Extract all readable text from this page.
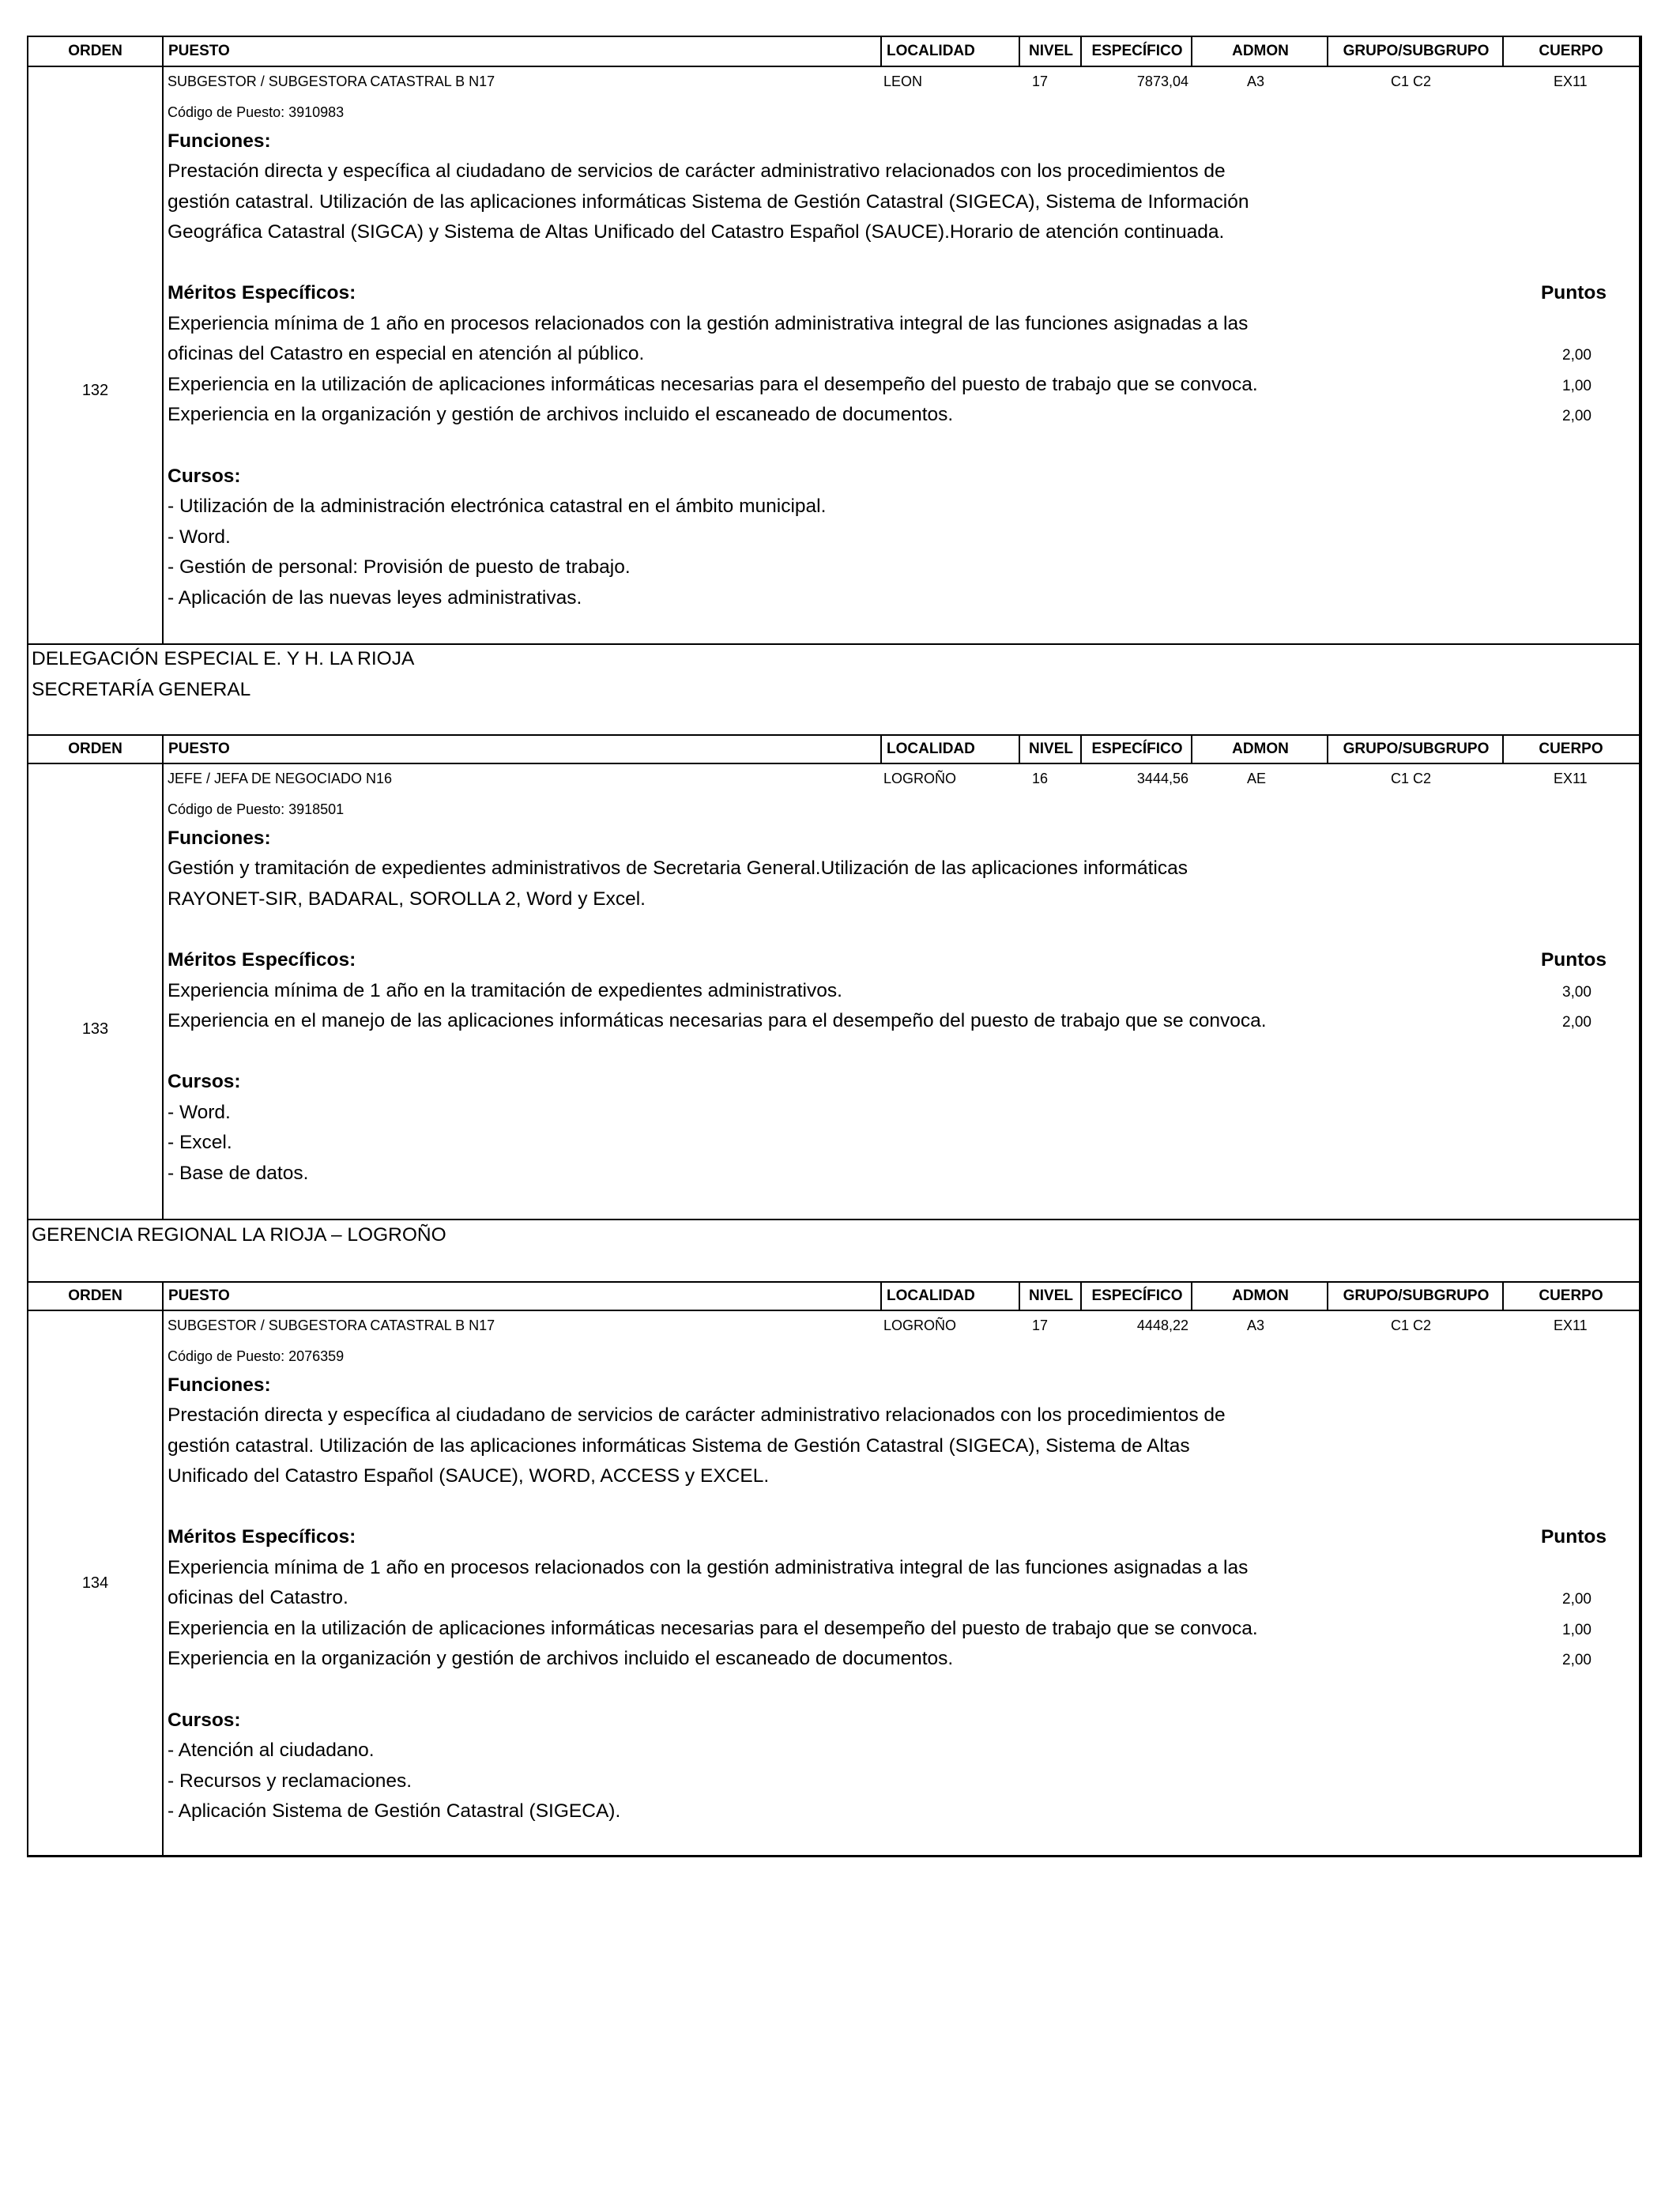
ORDEN	PUESTO	LOCALIDAD	NIVEL	ESPECÍFICO	ADMON	GRUPO/SUBGRUPO	CUERPO
132
SUBGESTOR / SUBGESTORA CATASTRAL B N17	LEON	17	7873,04	A3	C1 C2	EX11
Código de Puesto: 3910983
Funciones:
Prestación directa y específica al ciudadano de servicios de carácter administrativo relacionados con los procedimientos de
gestión catastral. Utilización de las aplicaciones informáticas Sistema de Gestión Catastral (SIGECA), Sistema de Información
Geográfica Catastral (SIGCA) y Sistema de Altas Unificado del Catastro Español (SAUCE).Horario de atención continuada.
Méritos Específicos:	Puntos
Experiencia mínima de 1 año en procesos relacionados con la gestión administrativa integral de las funciones asignadas a las
oficinas del Catastro en especial en atención al público.	2,00
Experiencia en la utilización de aplicaciones informáticas necesarias para el desempeño del puesto de trabajo que se convoca.	1,00
Experiencia en la organización y gestión de archivos incluido el escaneado de documentos.	2,00
Cursos:
- Utilización de la administración electrónica catastral en el ámbito municipal.
- Word.
- Gestión de personal: Provisión de puesto de trabajo.
- Aplicación de las nuevas leyes administrativas.
DELEGACIÓN ESPECIAL E. Y H. LA RIOJA
SECRETARÍA GENERAL
ORDEN	PUESTO	LOCALIDAD	NIVEL	ESPECÍFICO	ADMON	GRUPO/SUBGRUPO	CUERPO
133
JEFE / JEFA DE NEGOCIADO N16	LOGROÑO	16	3444,56	AE	C1 C2	EX11
Código de Puesto: 3918501
Funciones:
Gestión y tramitación de expedientes administrativos de Secretaria General.Utilización de las aplicaciones informáticas
RAYONET-SIR, BADARAL, SOROLLA 2, Word y Excel.
Méritos Específicos:	Puntos
Experiencia mínima de 1 año en la tramitación de expedientes administrativos.	3,00
Experiencia en el manejo de las aplicaciones informáticas necesarias para el desempeño del puesto de trabajo que se convoca.	2,00
Cursos:
- Word.
- Excel.
- Base de datos.
GERENCIA REGIONAL LA RIOJA – LOGROÑO
ORDEN	PUESTO	LOCALIDAD	NIVEL	ESPECÍFICO	ADMON	GRUPO/SUBGRUPO	CUERPO
134
SUBGESTOR / SUBGESTORA CATASTRAL B N17	LOGROÑO	17	4448,22	A3	C1 C2	EX11
Código de Puesto: 2076359
Funciones:
Prestación directa y específica al ciudadano de servicios de carácter administrativo relacionados con los procedimientos de
gestión catastral. Utilización de las aplicaciones informáticas Sistema de Gestión Catastral (SIGECA), Sistema de Altas
Unificado del Catastro Español (SAUCE), WORD, ACCESS y EXCEL.
Méritos Específicos:	Puntos
Experiencia mínima de 1 año en procesos relacionados con la gestión administrativa integral de las funciones asignadas a las
oficinas del Catastro.	2,00
Experiencia en la utilización de aplicaciones informáticas necesarias para el desempeño del puesto de trabajo que se convoca.	1,00
Experiencia en la organización y gestión de archivos incluido el escaneado de documentos.	2,00
Cursos:
- Atención al ciudadano.
- Recursos y reclamaciones.
- Aplicación Sistema de Gestión Catastral (SIGECA).
